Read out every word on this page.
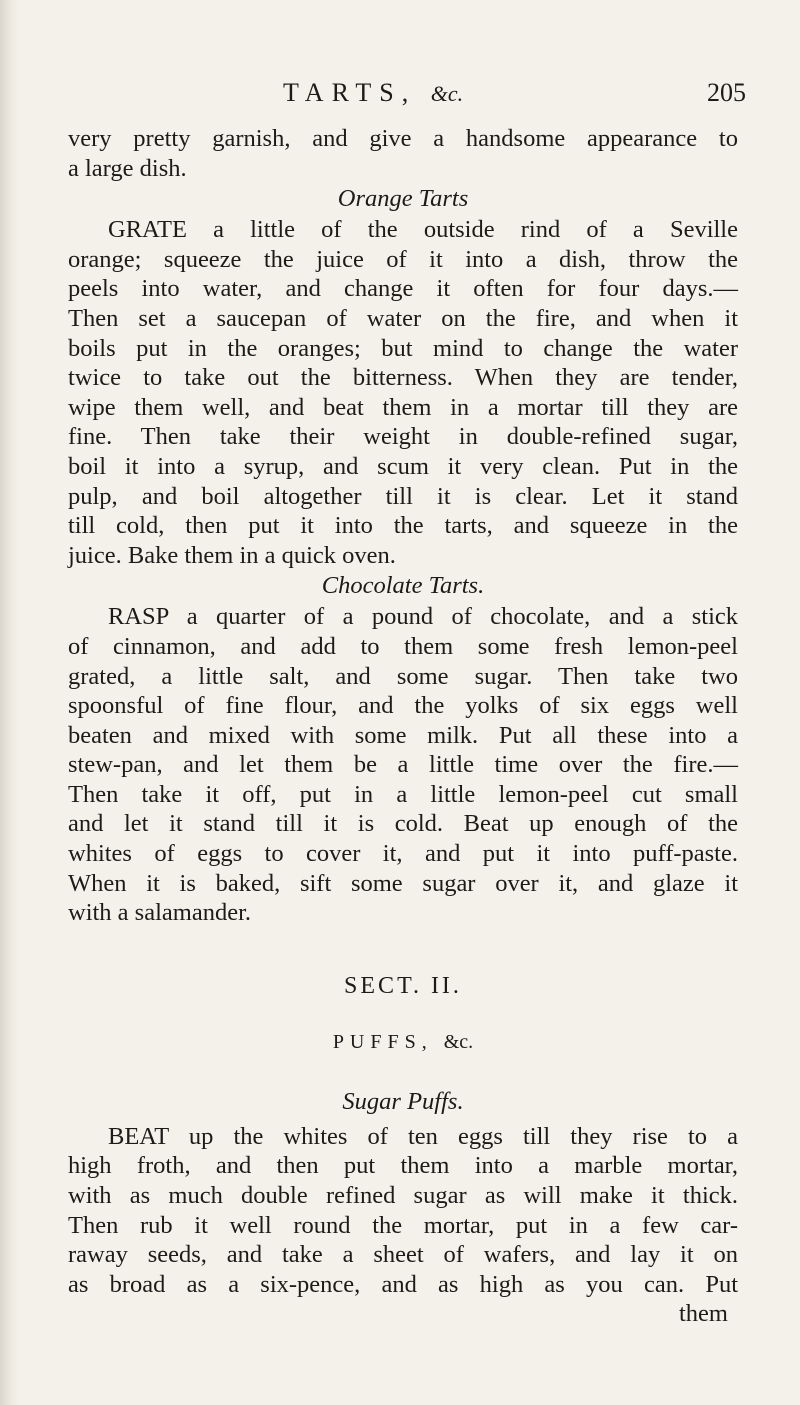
TARTS, &c.	205
very pretty garnish, and give a handsome appearance to
a large dish.
Orange Tarts
GRATE a little of the outside rind of a Seville
orange; squeeze the juice of it into a dish, throw the
peels into water, and change it often for four days.—
Then set a saucepan of water on the fire, and when it
boils put in the oranges; but mind to change the water
twice to take out the bitterness. When they are tender,
wipe them well, and beat them in a mortar till they are
fine. Then take their weight in double-refined sugar,
boil it into a syrup, and scum it very clean. Put in the
pulp, and boil altogether till it is clear. Let it stand
till cold, then put it into the tarts, and squeeze in the
juice. Bake them in a quick oven.
Chocolate Tarts.
RASP a quarter of a pound of chocolate, and a stick
of cinnamon, and add to them some fresh lemon-peel
grated, a little salt, and some sugar. Then take two
spoonsful of fine flour, and the yolks of six eggs well
beaten and mixed with some milk. Put all these into a
stew-pan, and let them be a little time over the fire.—
Then take it off, put in a little lemon-peel cut small
and let it stand till it is cold. Beat up enough of the
whites of eggs to cover it, and put it into puff-paste.
When it is baked, sift some sugar over it, and glaze it
with a salamander.
SECT. II.
PUFFS, &c.
Sugar Puffs.
BEAT up the whites of ten eggs till they rise to a
high froth, and then put them into a marble mortar,
with as much double refined sugar as will make it thick.
Then rub it well round the mortar, put in a few car-
raway seeds, and take a sheet of wafers, and lay it on
as broad as a six-pence, and as high as you can. Put
them
